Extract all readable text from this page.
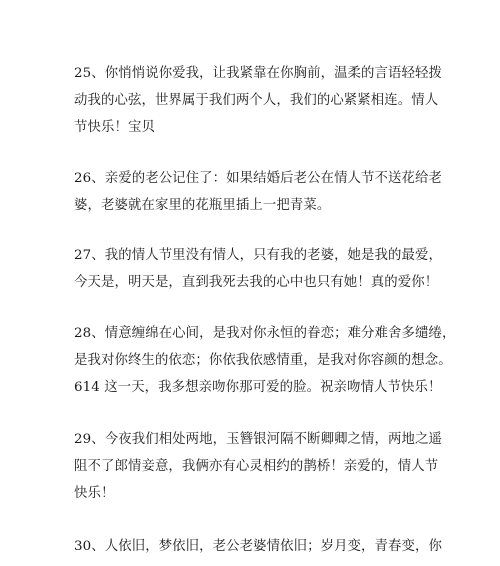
25、你悄悄说你爱我，让我紧靠在你胸前，温柔的言语轻轻拨
动我的心弦，世界属于我们两个人，我们的心紧紧相连。情人
节快乐！宝贝

26、亲爱的老公记住了：如果结婚后老公在情人节不送花给老
婆，老婆就在家里的花瓶里插上一把青菜。

27、我的情人节里没有情人，只有我的老婆，她是我的最爱，
今天是，明天是，直到我死去我的心中也只有她！真的爱你！

28、情意缠绵在心间，是我对你永恒的眷恋；难分难舍多缱绻，
是我对你终生的依恋；你依我依感情重，是我对你容颜的想念。
614 这一天，我多想亲吻你那可爱的脸。祝亲吻情人节快乐！

29、今夜我们相处两地，玉簪银河隔不断卿卿之情，两地之遥
阻不了郎情妾意，我俩亦有心灵相约的鹊桥！亲爱的，情人节
快乐！

30、人依旧，梦依旧，老公老婆情依旧；岁月变，青春变，你
